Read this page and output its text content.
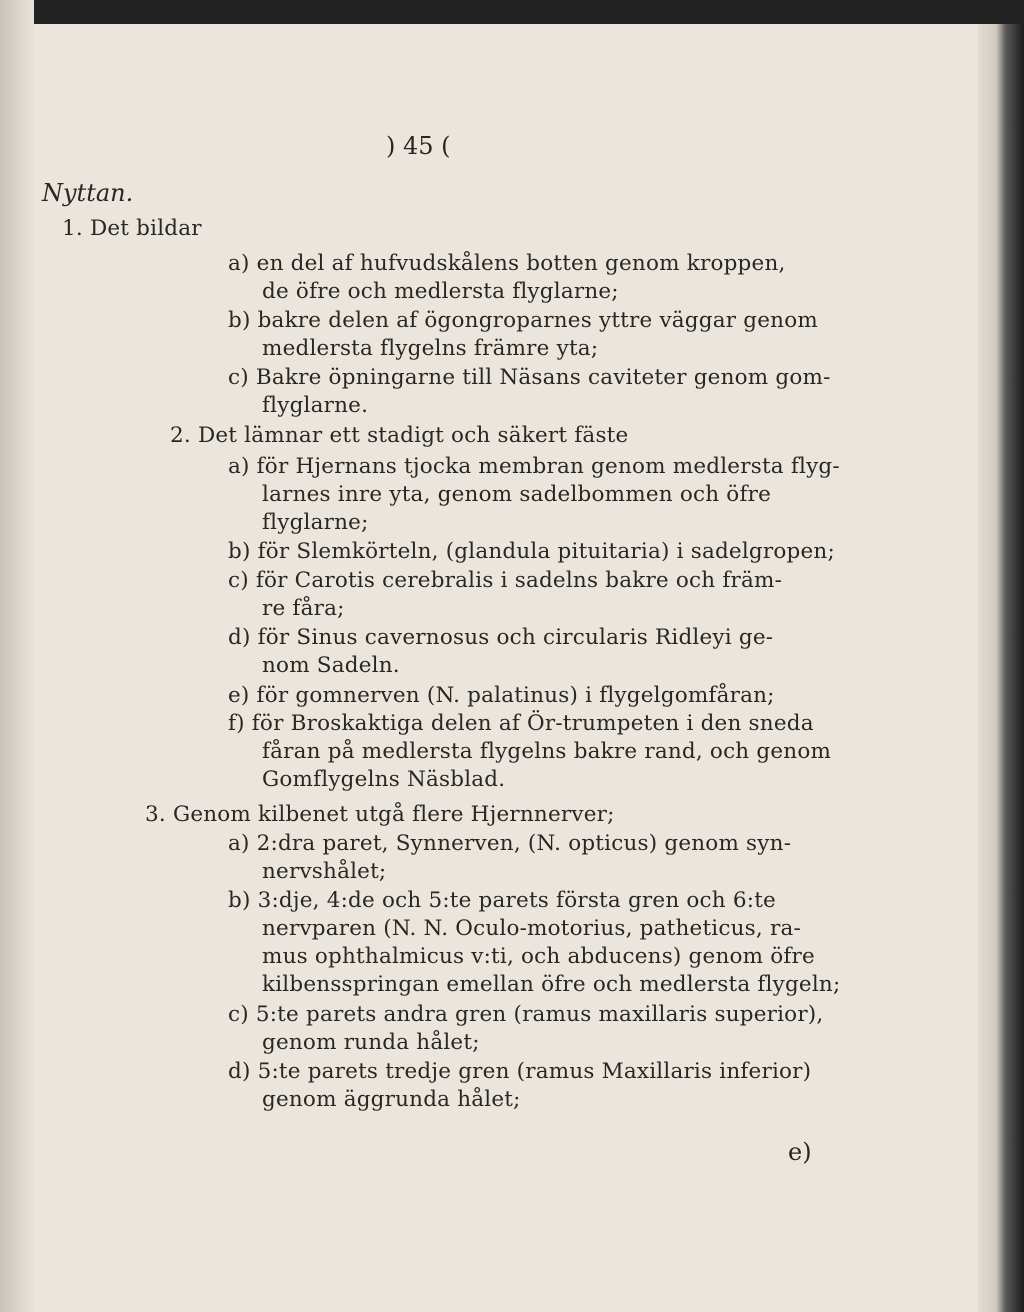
) 45 (
Nyttan.
1. Det bildar
a) en del af hufvudskålens botten genom kroppen,
de öfre och medlersta flyglarne;
b) bakre delen af ögongroparnes yttre väggar genom
medlersta flygelns främre yta;
c) Bakre öpningarne till Näsans caviteter genom gom-
flyglarne.
2. Det lämnar ett stadigt och säkert fäste
a) för Hjernans tjocka membran genom medlersta flyg-
larnes inre yta, genom sadelbommen och öfre
flyglarne;
b) för Slemkörteln, (glandula pituitaria) i sadelgropen;
c) för Carotis cerebralis i sadelns bakre och främ-
re fåra;
d) för Sinus cavernosus och circularis Ridleyi ge-
nom Sadeln.
e) för gomnerven (N. palatinus) i flygelgomfåran;
f) för Broskaktiga delen af Ör-trumpeten i den sneda
fåran på medlersta flygelns bakre rand, och genom
Gomflygelns Näsblad.
3. Genom kilbenet utgå flere Hjernnerver;
a) 2:dra paret, Synnerven, (N. opticus) genom syn-
nervshålet;
b) 3:dje, 4:de och 5:te parets första gren och 6:te
nervparen (N. N. Oculo-motorius, patheticus, ra-
mus ophthalmicus v:ti, och abducens) genom öfre
kilbensspringan emellan öfre och medlersta flygeln;
c) 5:te parets andra gren (ramus maxillaris superior),
genom runda hålet;
d) 5:te parets tredje gren (ramus Maxillaris inferior)
genom äggrunda hålet;
e)
